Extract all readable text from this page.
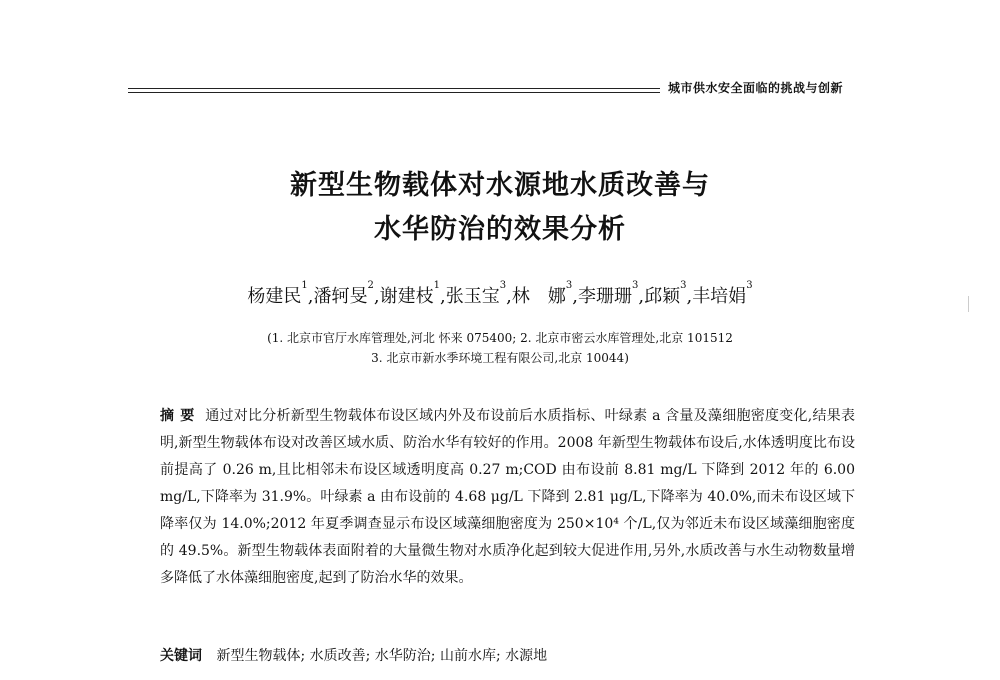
城市供水安全面临的挑战与创新
新型生物载体对水源地水质改善与
水华防治的效果分析
杨建民$^1$,潘轲旻$^2$,谢建枝$^1$,张玉宝$^3$,林　娜$^3$,李珊珊$^3$,邱颖$^3$,丰培娟$^3$
(1. 北京市官厅水库管理处,河北 怀来 075400; 2. 北京市密云水库管理处,北京 101512
3. 北京市新水季环境工程有限公司,北京 10044)
摘要 通过对比分析新型生物载体布设区域内外及布设前后水质指标、叶绿素 a 含量及藻细胞密度变化,结果表明,新型生物载体布设对改善区域水质、防治水华有较好的作用。2008 年新型生物载体布设后,水体透明度比布设前提高了 0.26 m,且比相邻未布设区域透明度高 0.27 m;COD 由布设前 8.81 mg/L 下降到 2012 年的 6.00 mg/L,下降率为 31.9%。叶绿素 a 由布设前的 4.68 μg/L 下降到 2.81 μg/L,下降率为 40.0%,而未布设区域下降率仅为 14.0%;2012 年夏季调查显示布设区域藻细胞密度为 250×10⁴ 个/L,仅为邻近未布设区域藻细胞密度的 49.5%。新型生物载体表面附着的大量微生物对水质净化起到较大促进作用,另外,水质改善与水生动物数量增多降低了水体藻细胞密度,起到了防治水华的效果。
关键词 新型生物载体; 水质改善; 水华防治; 山前水库; 水源地
